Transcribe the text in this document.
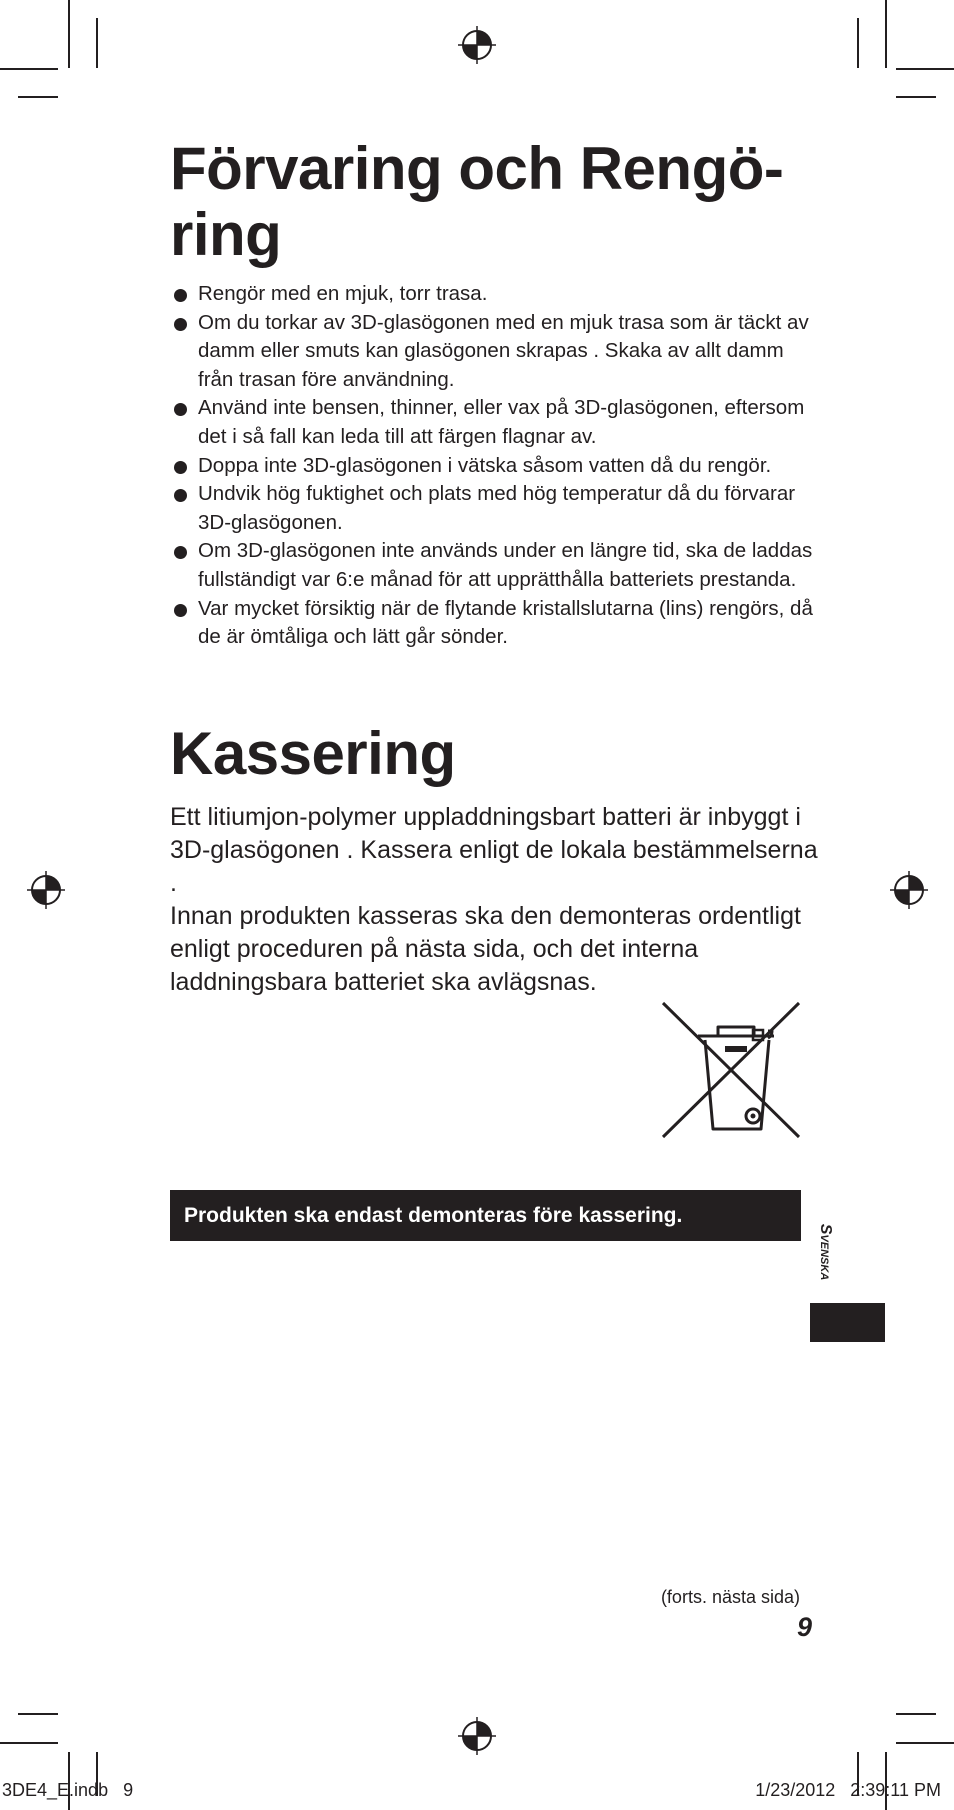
Förvaring och Rengö-ring
Rengör med en mjuk, torr trasa.
Om du torkar av 3D-glasögonen med en mjuk trasa som är täckt av damm eller smuts kan glasögonen skrapas . Skaka av allt damm från trasan före användning.
Använd inte bensen, thinner, eller vax på 3D-glasögonen, eftersom det i så fall kan leda till att färgen flagnar av.
Doppa inte 3D-glasögonen i vätska såsom vatten då du rengör.
Undvik hög fuktighet och plats med hög temperatur då du förvarar 3D-glasögonen.
Om 3D-glasögonen inte används under en längre tid, ska de laddas fullständigt var 6:e månad för att upprätthålla batteriets prestanda.
Var mycket försiktig när de flytande kristallslutarna (lins) rengörs, då de är ömtåliga och lätt går sönder.
Kassering

Ett litiumjon-polymer uppladdningsbart batteri är inbyggt i 3D-glasögonen . Kassera enligt de lokala bestämmelserna .

Innan produkten kasseras ska den demonteras ordentligt enligt proceduren på nästa sida, och det interna laddningsbara batteriet ska avlägsnas.

Produkten ska endast demonteras före kassering.
Svenska
(forts. nästa sida)
9
3DE4_E.indb   9	1/23/2012   2:39:11 PM
